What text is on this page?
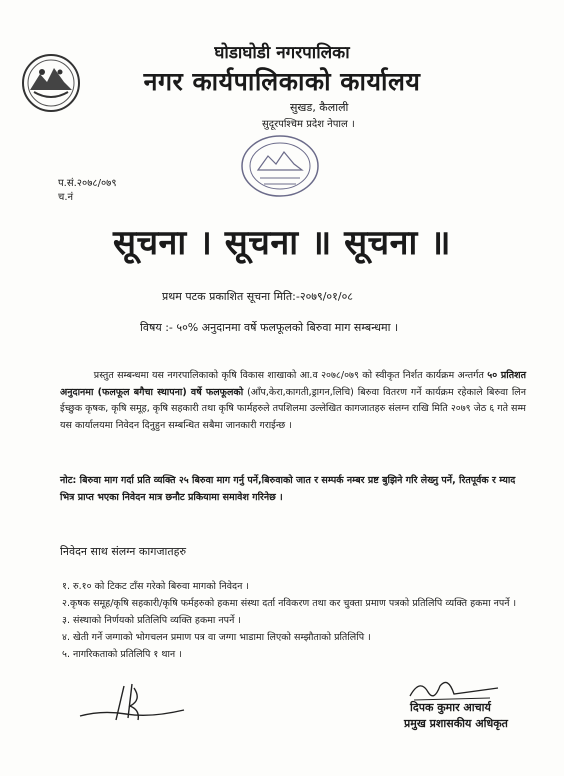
घोडाघोडी नगरपालिका
नगर कार्यपालिकाको कार्यालय
सुखड, कैलाली
सुदूरपश्चिम प्रदेश नेपाल ।
प.सं.२०७८/०७९
च.नं
सूचना । सूचना ॥ सूचना ॥
प्रथम पटक प्रकाशित सूचना मिति:-२०७९/०१/०८
विषय :- ५०% अनुदानमा वर्षे फलफूलको बिरुवा माग सम्बन्धमा ।
प्रस्तुत सम्बन्धमा यस नगरपालिकाको कृषि विकास शाखाको आ.व २०७८/०७९ को स्वीकृत निर्शत कार्यक्रम अन्तर्गत ५० प्रतिशत अनुदानमा (फलफूल बगैचा स्थापना) वर्षे फलफूलको (आँप,केरा,कागती,ड्रागन,लिचि) बिरुवा वितरण गर्ने कार्यक्रम रहेकाले बिरुवा लिन ईच्छुक कृषक, कृषि समूह, कृषि सहकारी तथा कृषि फार्महरुले तपशिलमा उल्लेखित कागजातहरु संलग्न राखि मिति २०७९ जेठ ६ गते सम्म यस कार्यालयमा निवेदन दिनुहुन सम्बन्धित सबैमा जानकारी गराईन्छ ।
नोट: बिरुवा माग गर्दा प्रति व्यक्ति २५ बिरुवा माग गर्नु पर्ने,बिरुवाको जात र सम्पर्क नम्बर प्रष्ट बुझिने गरि लेख्नु पर्ने, रितपूर्वक र म्याद भित्र प्राप्त भएका निवेदन मात्र छनौट प्रकियामा समावेश गरिनेछ ।
निवेदन साथ संलग्न कागजातहरु
१. रु.१० को टिकट टाँस गरेको बिरुवा मागको निवेदन ।
२.कृषक समूह/कृषि सहकारी/कृषि फर्महरुको हकमा संस्था दर्ता नविकरण तथा कर चुक्ता प्रमाण पत्रको प्रतिलिपि व्यक्ति हकमा नपर्ने ।
३. संस्थाको निर्णयको प्रतिलिपि व्यक्ति हकमा नपर्ने ।
४. खेती गर्ने जग्गाको भोगचलन प्रमाण पत्र वा जग्गा भाडामा लिएको सम्झौताको प्रतिलिपि ।
५. नागरिकताको प्रतिलिपि १ थान ।
दिपक कुमार आचार्य
प्रमुख प्रशासकीय अधिकृत
